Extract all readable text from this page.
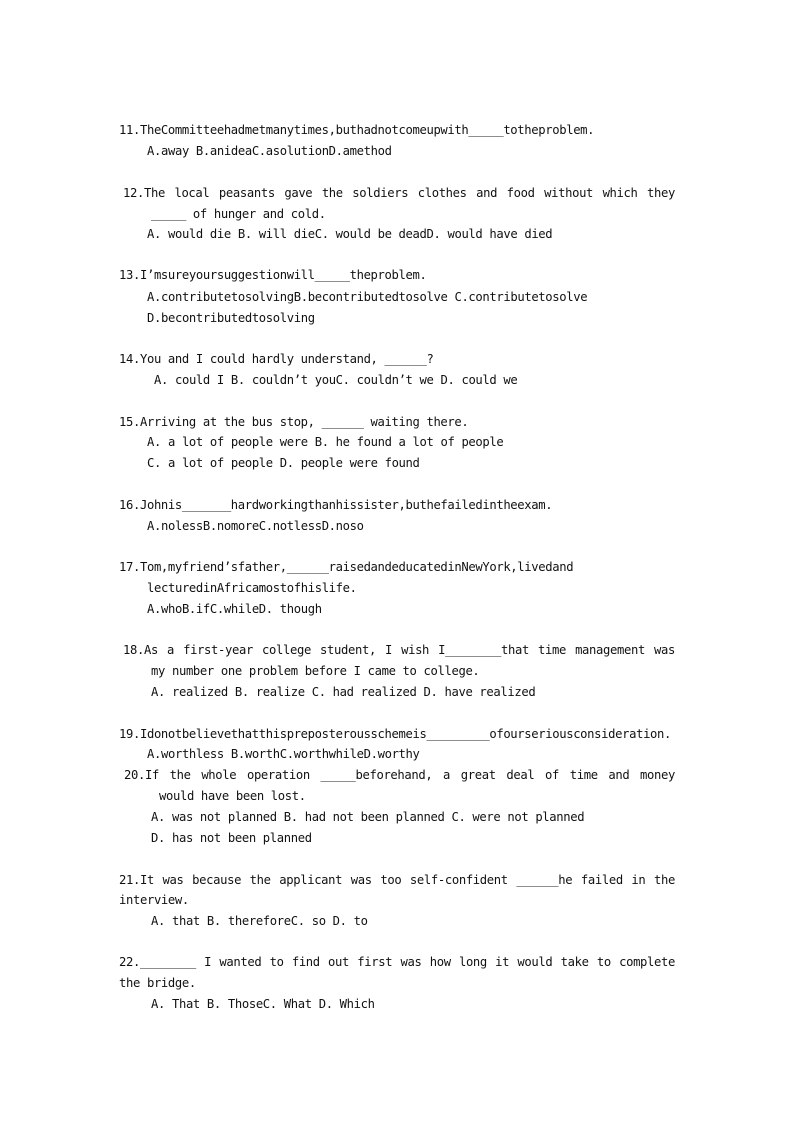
11.TheCommitteehadmetmanytimes,buthadnotcomeupwith_____totheproblem.
A.away B.anideaC.asolutionD.amethod
12.The local peasants gave the soldiers clothes and food without which they
_____ of hunger and cold.
A. would die B. will dieC. would be deadD. would have died
13.I’msureyoursuggestionwill_____theproblem.
A.contributetosolvingB.becontributedtosolve C.contributetosolve
D.becontributedtosolving
14.You and I could hardly understand, ______?
A. could I B. couldn’t youC. couldn’t we D. could we
15.Arriving at the bus stop, ______ waiting there.
A. a lot of people were B. he found a lot of people
C. a lot of people D. people were found
16.Johnis_______hardworkingthanhissister,buthefailedintheexam.
A.nolessB.nomoreC.notlessD.noso
17.Tom,myfriend’sfather,______raisedandeducatedinNewYork,livedand
lecturedinAfricamostofhislife.
A.whoB.ifC.whileD. though
18.As a first-year college student, I wish I________that time management was
my number one problem before I came to college.
A. realized B. realize C. had realized D. have realized
19.Idonotbelievethatthispreposterousschemeis_________ofourseriousconsideration.
A.worthless B.worthC.worthwhileD.worthy
20.If the whole operation _____beforehand, a great deal of time and money
would have been lost.
A. was not planned B. had not been planned C. were not planned
D. has not been planned
21.It was because the applicant was too self-confident ______he failed in the
interview.
A. that B. thereforeC. so D. to
22.________ I wanted to find out first was how long it would take to complete
the bridge.
A. That B. ThoseC. What D. Which
